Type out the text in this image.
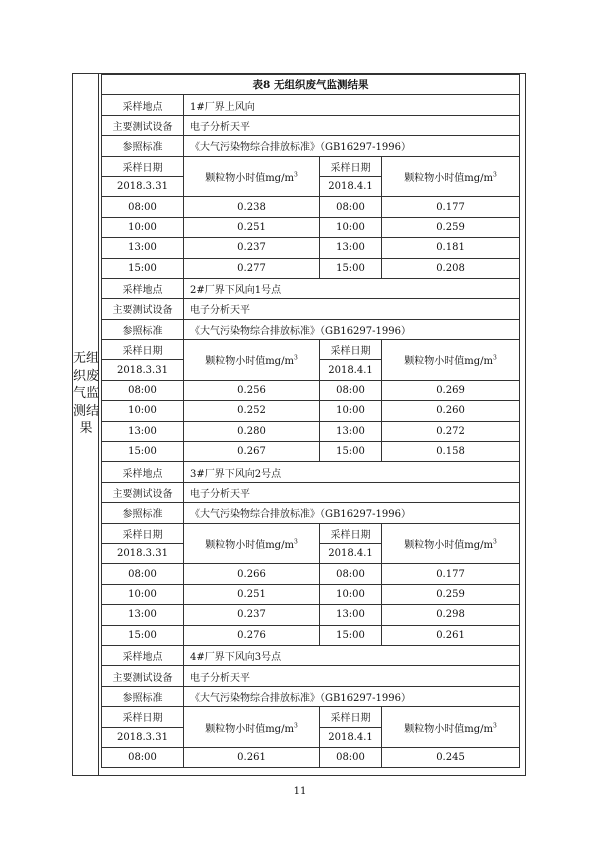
无组织废气监测结果
表8 无组织废气监测结果			
采样地点	1#厂界上风向		
主要测试设备	电子分析天平		
参照标准	《大气污染物综合排放标准》（GB16297-1996）		
采样日期	颗粒物小时值$mg/m^3$	采样日期	颗粒物小时值$mg/m^3$
2018.3.31		2018.4.1	
08:00	0.238	08:00	0.177
10:00	0.251	10:00	0.259
13:00	0.237	13:00	0.181
15:00	0.277	15:00	0.208
采样地点	2#厂界下风向1号点		
主要测试设备	电子分析天平		
参照标准	《大气污染物综合排放标准》（GB16297-1996）		
采样日期	颗粒物小时值$mg/m^3$	采样日期	颗粒物小时值$mg/m^3$
2018.3.31		2018.4.1	
08:00	0.256	08:00	0.269
10:00	0.252	10:00	0.260
13:00	0.280	13:00	0.272
15:00	0.267	15:00	0.158
采样地点	3#厂界下风向2号点		
主要测试设备	电子分析天平		
参照标准	《大气污染物综合排放标准》（GB16297-1996）		
采样日期	颗粒物小时值$mg/m^3$	采样日期	颗粒物小时值$mg/m^3$
2018.3.31		2018.4.1	
08:00	0.266	08:00	0.177
10:00	0.251	10:00	0.259
13:00	0.237	13:00	0.298
15:00	0.276	15:00	0.261
采样地点	4#厂界下风向3号点		
主要测试设备	电子分析天平		
参照标准	《大气污染物综合排放标准》（GB16297-1996）		
采样日期	颗粒物小时值$mg/m^3$	采样日期	颗粒物小时值$mg/m^3$
2018.3.31		2018.4.1	
08:00	0.261	08:00	0.245
11
